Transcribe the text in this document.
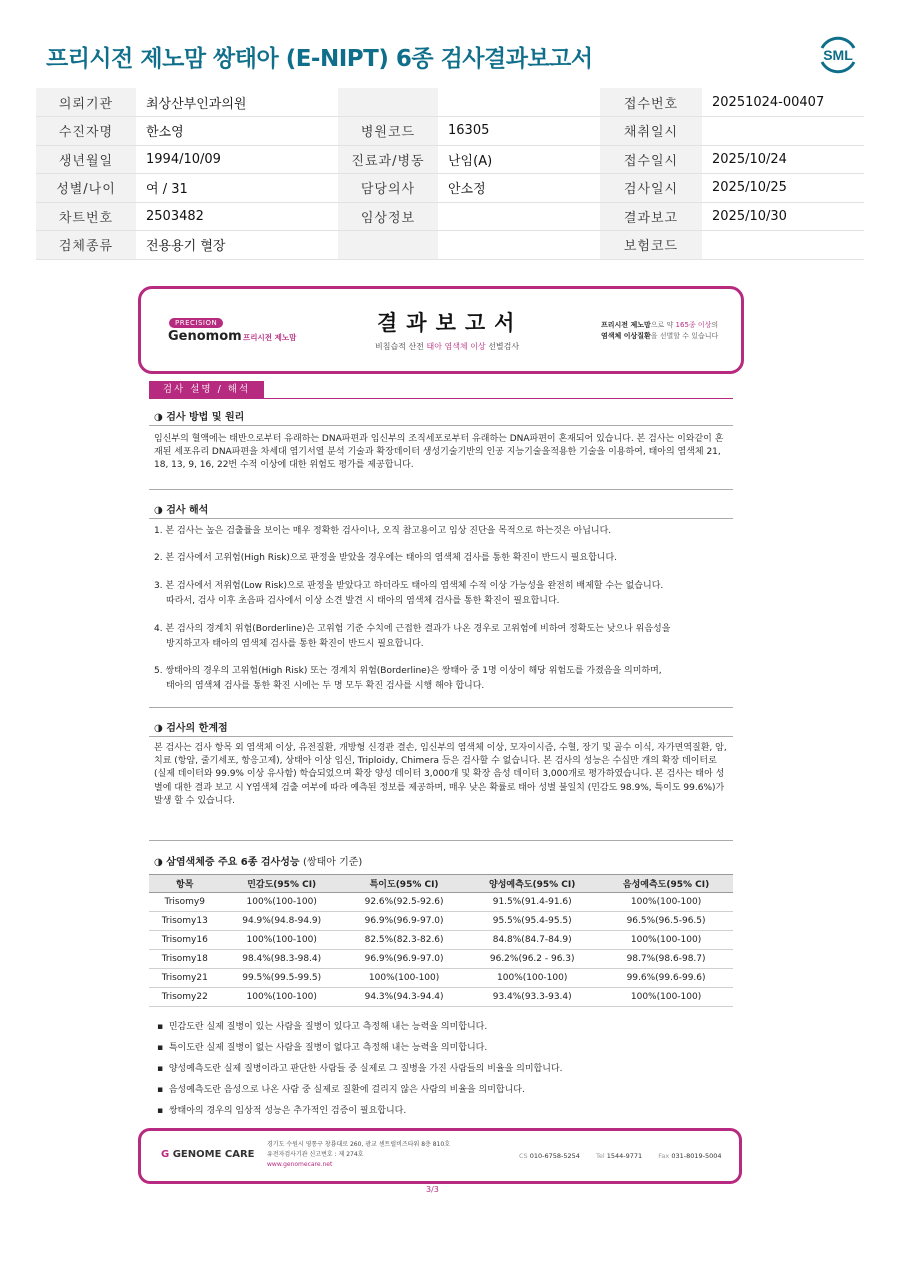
프리시전 제노맘 쌍태아 (E-NIPT) 6종 검사결과보고서	SML
의뢰기관	최상산부인과의원			접수번호	20251024-00407
수진자명	한소영	병원코드	16305	채취일시	
생년월일	1994/10/09	진료과/병동	난임(A)	접수일시	2025/10/24
성별/나이	여 / 31	담당의사	안소정	검사일시	2025/10/25
차트번호	2503482	임상정보		결과보고	2025/10/30
검체종류	전용용기 혈장			보험코드	
PRECISION
Genomom 프리시전 제노맘
결과보고서
비침습적 산전 태아 염색체 이상 선별검사
프리시전 제노맘으로 약 165종 이상의
염색체 이상질환을 선별할 수 있습니다
검사 설명 / 해석
◑ 검사 방법 및 원리
임신부의 혈액에는 태반으로부터 유래하는 DNA파편과 임신부의 조직세포로부터 유래하는 DNA파편이 혼재되어 있습니다. 본 검사는 이와같이 혼재된 세포유리 DNA파편을 차세대 염기서열 분석 기술과 확장데이터 생성기술기반의 인공 지능기술을적용한 기술을 이용하여, 태아의 염색체 21, 18, 13, 9, 16, 22번 수적 이상에 대한 위험도 평가를 제공합니다.
◑ 검사 해석
1. 본 검사는 높은 검출률을 보이는 매우 정확한 검사이나, 오직 참고용이고 임상 진단을 목적으로 하는것은 아닙니다.
2. 본 검사에서 고위험(High Risk)으로 판정을 받았을 경우에는 태아의 염색체 검사를 통한 확진이 반드시 필요합니다.
3. 본 검사에서 저위험(Low Risk)으로 판정을 받았다고 하더라도 태아의 염색체 수적 이상 가능성을 완전히 배제할 수는 없습니다.
따라서, 검사 이후 초음파 검사에서 이상 소견 발견 시 태아의 염색체 검사를 통한 확진이 필요합니다.
4. 본 검사의 경계치 위험(Borderline)은 고위험 기준 수치에 근접한 결과가 나온 경우로 고위험에 비하여 정확도는 낮으나 위음성을
방지하고자 태아의 염색체 검사를 통한 확진이 반드시 필요합니다.
5. 쌍태아의 경우의 고위험(High Risk) 또는 경계치 위험(Borderline)은 쌍태아 중 1명 이상이 해당 위험도를 가졌음을 의미하며,
태아의 염색체 검사를 통한 확진 시에는 두 명 모두 확진 검사를 시행 해야 합니다.
◑ 검사의 한계점
본 검사는 검사 항목 외 염색체 이상, 유전질환, 개방형 신경관 결손, 임신부의 염색체 이상, 모자이시즘, 수혈, 장기 및 골수 이식, 자가면역질환, 암, 치료 (항암, 줄기세포, 항응고제), 상태아 이상 임신, Triploidy, Chimera 등은 검사할 수 없습니다. 본 검사의 성능은 수십만 개의 확장 데이터로 (실제 데이터와 99.9% 이상 유사함) 학습되었으며 확장 양성 데이터 3,000개 및 확장 음성 데이터 3,000개로 평가하였습니다. 본 검사는 태아 성별에 대한 결과 보고 시 Y염색체 검출 여부에 따라 예측된 정보를 제공하며, 매우 낮은 확률로 태아 성별 불일치 (민감도 98.9%, 특이도 99.6%)가 발생 할 수 있습니다.
◑ 삼염색체증 주요 6종 검사성능 (쌍태아 기준)
항목	민감도(95% CI)	특이도(95% CI)	양성예측도(95% CI)	음성예측도(95% CI)
Trisomy9	100%(100-100)	92.6%(92.5-92.6)	91.5%(91.4-91.6)	100%(100-100)
Trisomy13	94.9%(94.8-94.9)	96.9%(96.9-97.0)	95.5%(95.4-95.5)	96.5%(96.5-96.5)
Trisomy16	100%(100-100)	82.5%(82.3-82.6)	84.8%(84.7-84.9)	100%(100-100)
Trisomy18	98.4%(98.3-98.4)	96.9%(96.9-97.0)	96.2%(96.2 - 96.3)	98.7%(98.6-98.7)
Trisomy21	99.5%(99.5-99.5)	100%(100-100)	100%(100-100)	99.6%(99.6-99.6)
Trisomy22	100%(100-100)	94.3%(94.3-94.4)	93.4%(93.3-93.4)	100%(100-100)
▪  민감도란 실제 질병이 있는 사람을 질병이 있다고 측정해 내는 능력을 의미합니다.
▪  특이도란 실제 질병이 없는 사람을 질병이 없다고 측정해 내는 능력을 의미합니다.
▪  양성예측도란 실제 질병이라고 판단한 사람들 중 실제로 그 질병을 가진 사람들의 비율을 의미합니다.
▪  음성예측도란 음성으로 나온 사람 중 실제로 질환에 걸리지 않은 사람의 비율을 의미합니다.
▪  쌍태아의 경우의 임상적 성능은 추가적인 검증이 필요합니다.
G GENOME CARE
경기도 수원시 영통구 창룡대로 260, 광교 센트럴비즈타워 8층 810호
유전자검사기관 신고번호 : 제 274호
www.genomecare.net
CS 010-6758-5254 Tel 1544-9771 Fax 031-8019-5004
3/3
